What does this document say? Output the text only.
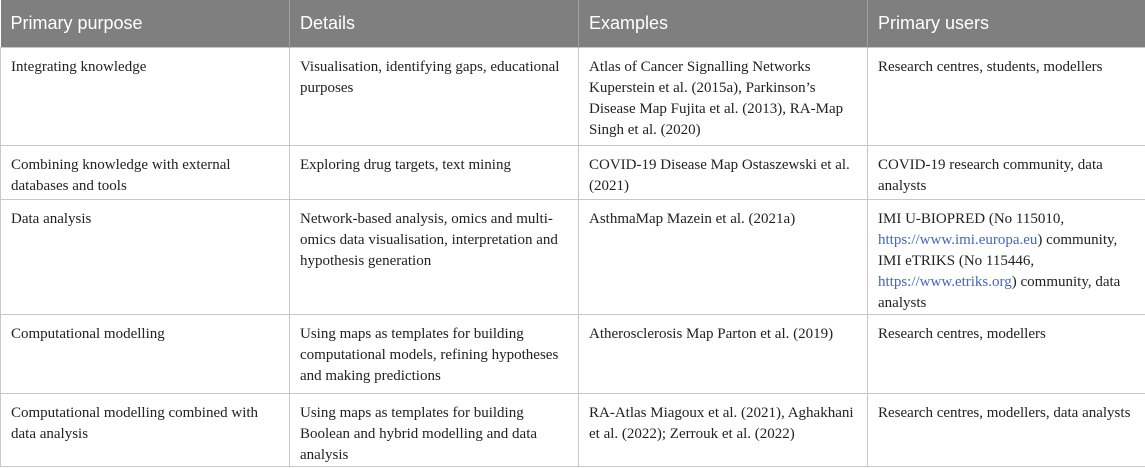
Primary purpose	Details	Examples	Primary users
Integrating knowledge	Visualisation, identifying gaps, educational purposes	Atlas of Cancer Signalling Networks Kuperstein et al. (2015a), Parkinson’s Disease Map Fujita et al. (2013), RA-Map Singh et al. (2020)	Research centres, students, modellers
Combining knowledge with external databases and tools	Exploring drug targets, text mining	COVID-19 Disease Map Ostaszewski et al. (2021)	COVID-19 research community, data analysts
Data analysis	Network-based analysis, omics and multi-omics data visualisation, interpretation and hypothesis generation	AsthmaMap Mazein et al. (2021a)	IMI U-BIOPRED (No 115010, https://www.imi.europa.eu) community, IMI eTRIKS (No 115446, https://www.etriks.org) community, data analysts
Computational modelling	Using maps as templates for building computational models, refining hypotheses and making predictions	Atherosclerosis Map Parton et al. (2019)	Research centres, modellers
Computational modelling combined with data analysis	Using maps as templates for building Boolean and hybrid modelling and data analysis	RA-Atlas Miagoux et al. (2021), Aghakhani et al. (2022); Zerrouk et al. (2022)	Research centres, modellers, data analysts
